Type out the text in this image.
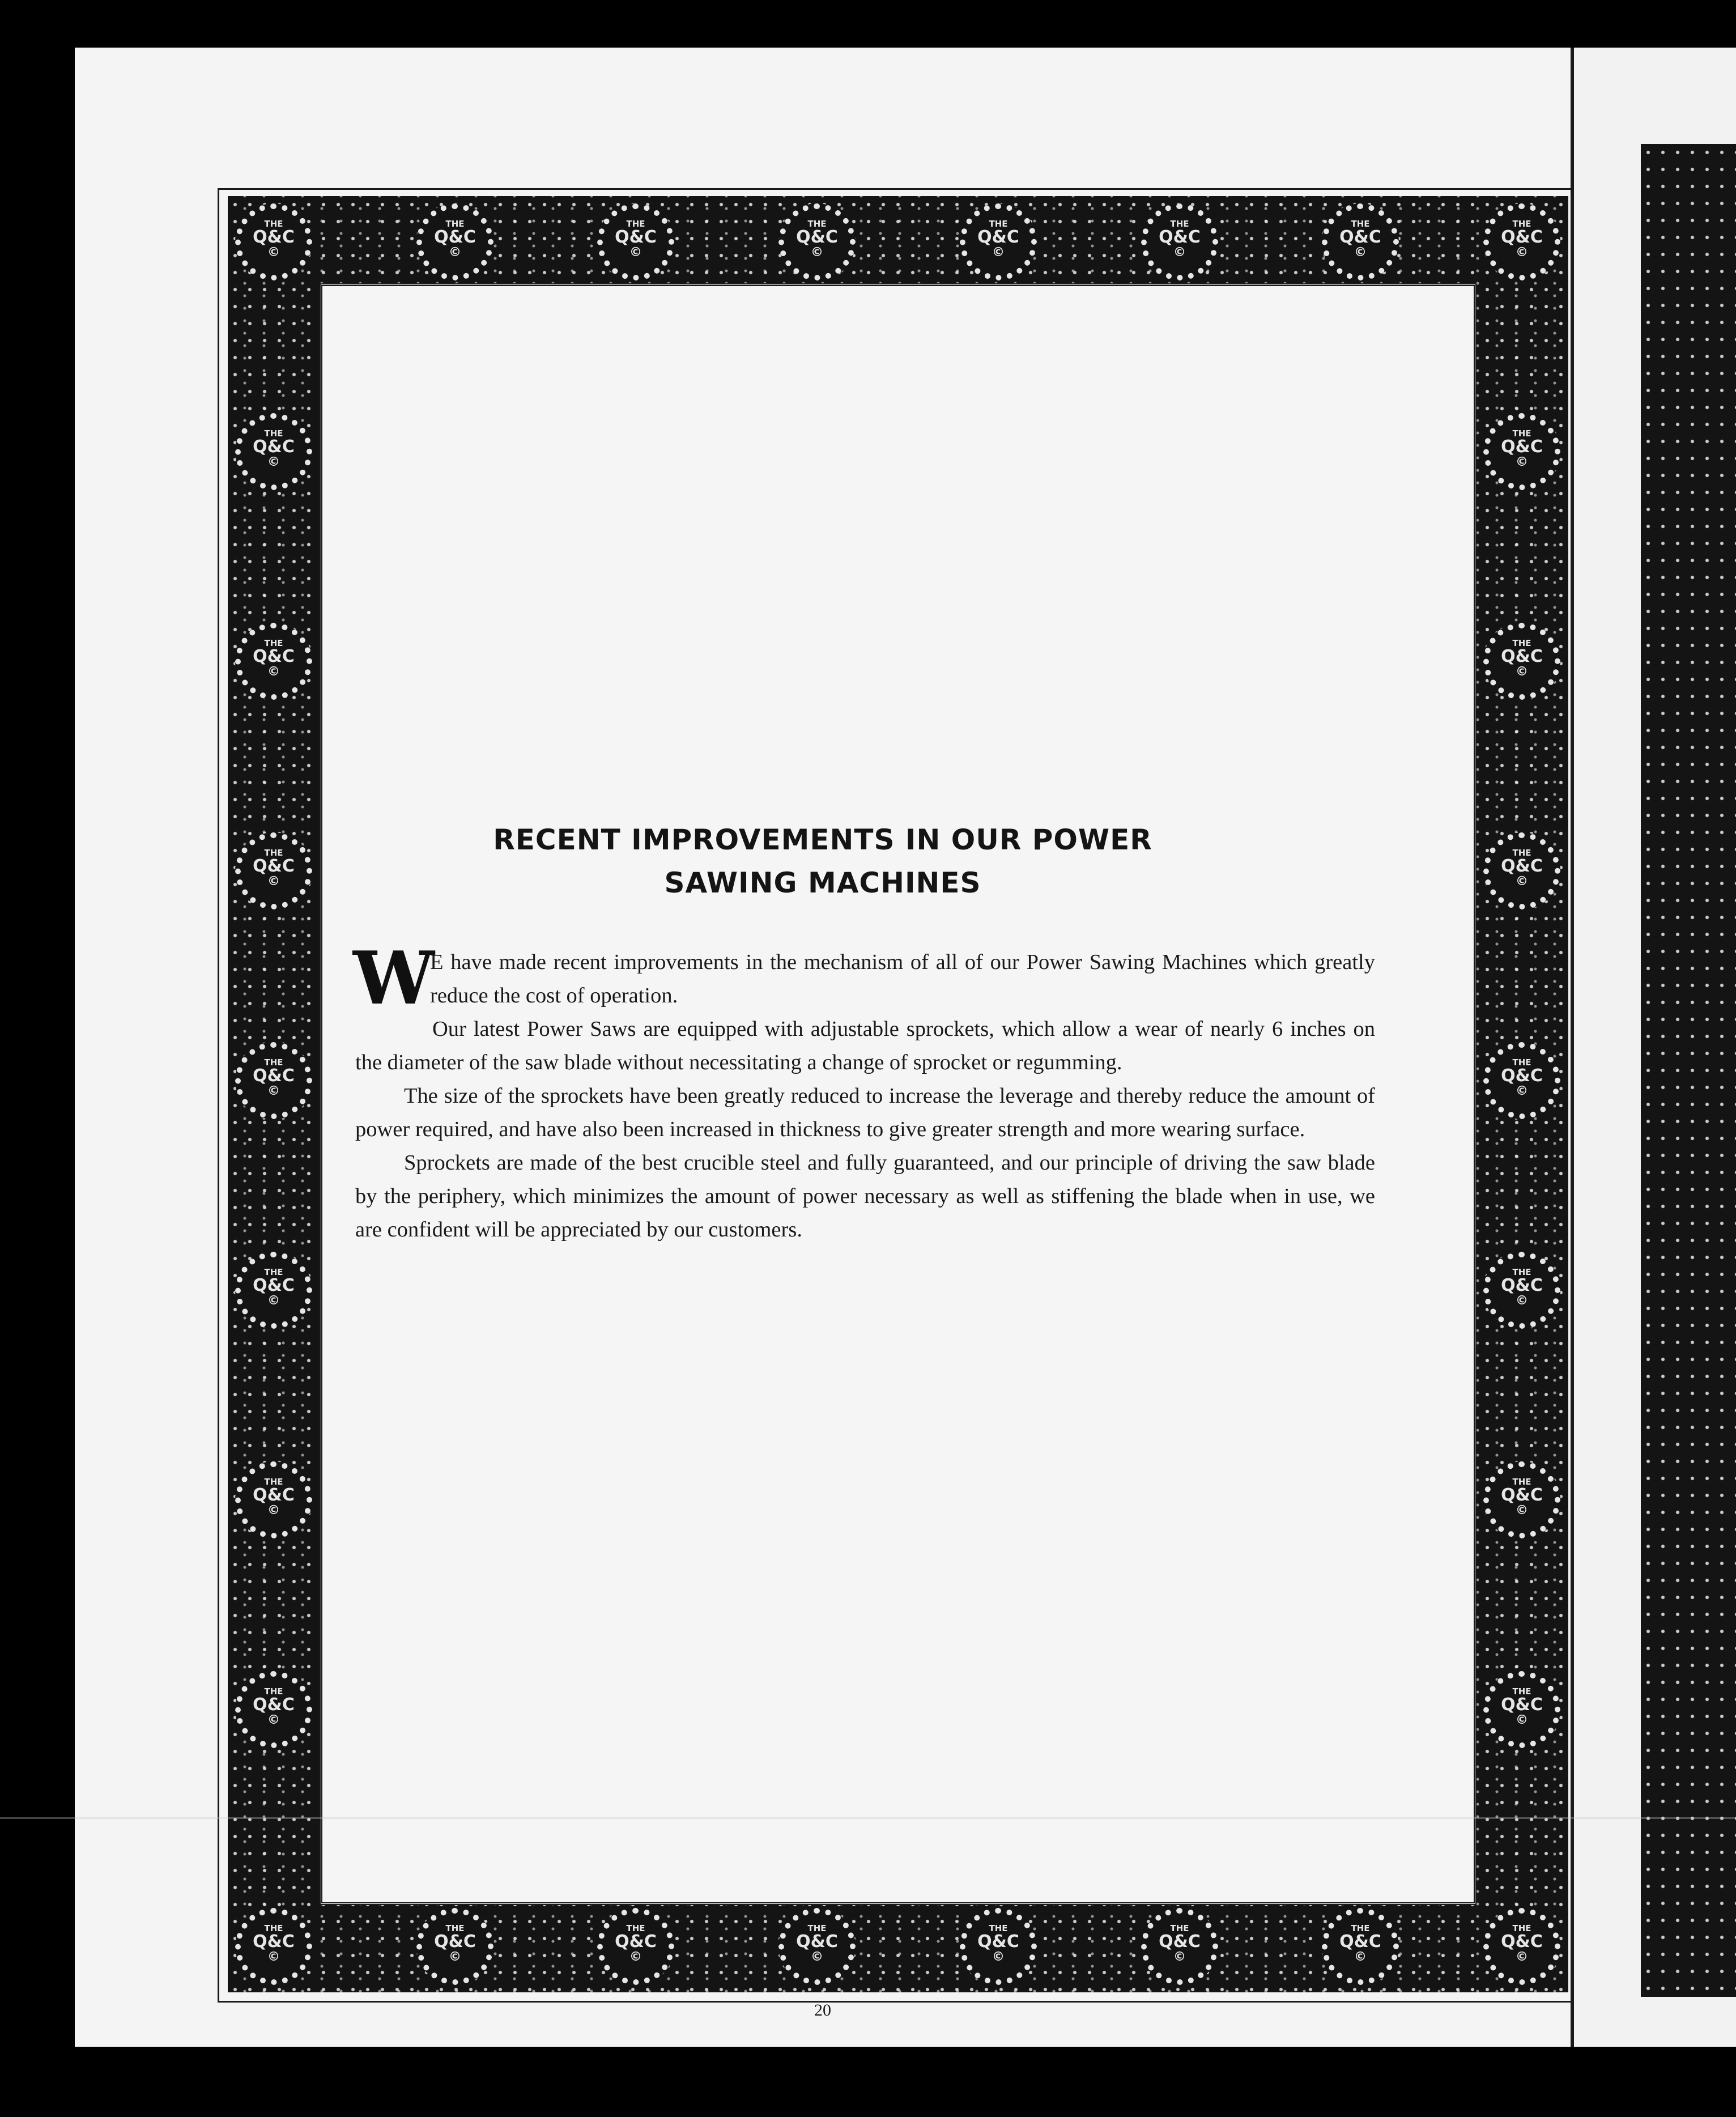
THE
Q&C
©
THE
Q&C
©
THE
Q&C
©
THE
Q&C
©
THE
Q&C
©
THE
Q&C
©
THE
Q&C
©
THE
Q&C
©
THE
Q&C
©
THE
Q&C
©
THE
Q&C
©
THE
Q&C
©
THE
Q&C
©
THE
Q&C
©
THE
Q&C
©
THE
Q&C
©
THE
Q&C
©
THE
Q&C
©
THE
Q&C
©
THE
Q&C
©
THE
Q&C
©
THE
Q&C
©
THE
Q&C
©
THE
Q&C
©
THE
Q&C
©
THE
Q&C
©
THE
Q&C
©
THE
Q&C
©
THE
Q&C
©
THE
Q&C
©
RECENT IMPROVEMENTS IN OUR POWER
SAWING MACHINES

W
E have made recent improvements in the mechanism of all of our Power Sawing Machines which greatly reduce the cost of operation.

Our latest Power Saws are equipped with adjustable sprockets, which allow a wear of nearly 6 inches on the diameter of the saw blade without necessitating a change of sprocket or regumming.

The size of the sprockets have been greatly reduced to increase the leverage and thereby reduce the amount of power required, and have also been increased in thickness to give greater strength and more wearing surface.

Sprockets are made of the best crucible steel and fully guaranteed, and our principle of driving the saw blade by the periphery, which minimizes the amount of power necessary as well as stiffening the blade when in use, we are confident will be appreciated by our customers.

20
